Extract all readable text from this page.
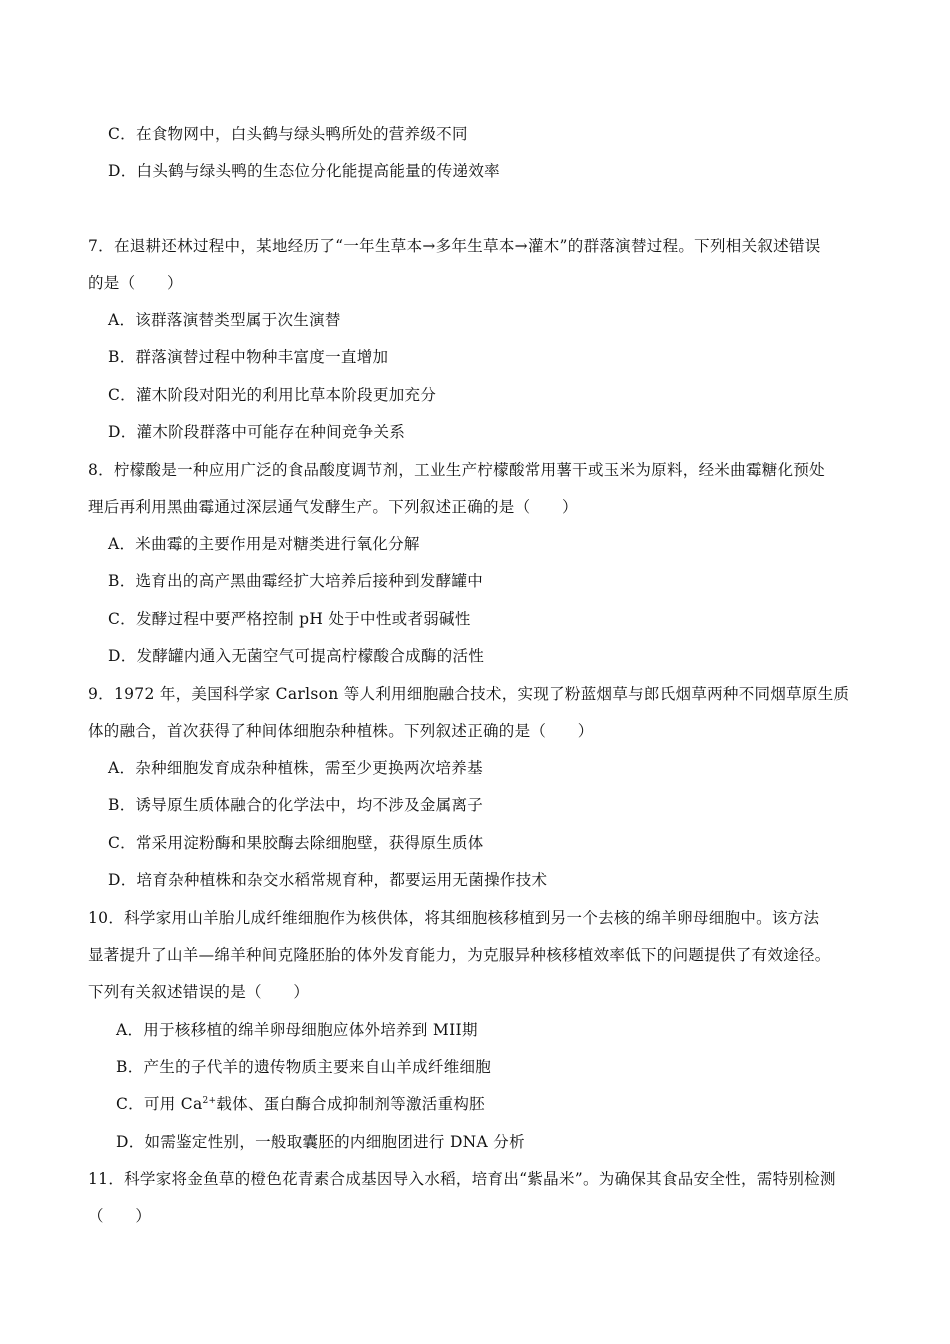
C．在食物网中，白头鹤与绿头鸭所处的营养级不同
D．白头鹤与绿头鸭的生态位分化能提高能量的传递效率
7．在退耕还林过程中，某地经历了“一年生草本→多年生草本→灌木”的群落演替过程。下列相关叙述错误
的是（　　）
A．该群落演替类型属于次生演替
B．群落演替过程中物种丰富度一直增加
C．灌木阶段对阳光的利用比草本阶段更加充分
D．灌木阶段群落中可能存在种间竞争关系
8．柠檬酸是一种应用广泛的食品酸度调节剂，工业生产柠檬酸常用薯干或玉米为原料，经米曲霉糖化预处
理后再利用黑曲霉通过深层通气发酵生产。下列叙述正确的是（　　）
A．米曲霉的主要作用是对糖类进行氧化分解
B．选育出的高产黑曲霉经扩大培养后接种到发酵罐中
C．发酵过程中要严格控制 pH 处于中性或者弱碱性
D．发酵罐内通入无菌空气可提高柠檬酸合成酶的活性
9．1972 年，美国科学家 Carlson 等人利用细胞融合技术，实现了粉蓝烟草与郎氏烟草两种不同烟草原生质
体的融合，首次获得了种间体细胞杂种植株。下列叙述正确的是（　　）
A．杂种细胞发育成杂种植株，需至少更换两次培养基
B．诱导原生质体融合的化学法中，均不涉及金属离子
C．常采用淀粉酶和果胶酶去除细胞壁，获得原生质体
D．培育杂种植株和杂交水稻常规育种，都要运用无菌操作技术
10．科学家用山羊胎儿成纤维细胞作为核供体，将其细胞核移植到另一个去核的绵羊卵母细胞中。该方法
显著提升了山羊—绵羊种间克隆胚胎的体外发育能力，为克服异种核移植效率低下的问题提供了有效途径。
下列有关叙述错误的是（　　）
A．用于核移植的绵羊卵母细胞应体外培养到 MII期
B．产生的子代羊的遗传物质主要来自山羊成纤维细胞
C．可用 $Ca^{2+}$载体、蛋白酶合成抑制剂等激活重构胚
D．如需鉴定性别，一般取囊胚的内细胞团进行 DNA 分析
11．科学家将金鱼草的橙色花青素合成基因导入水稻，培育出“紫晶米”。为确保其食品安全性，需特别检测
（　　）
